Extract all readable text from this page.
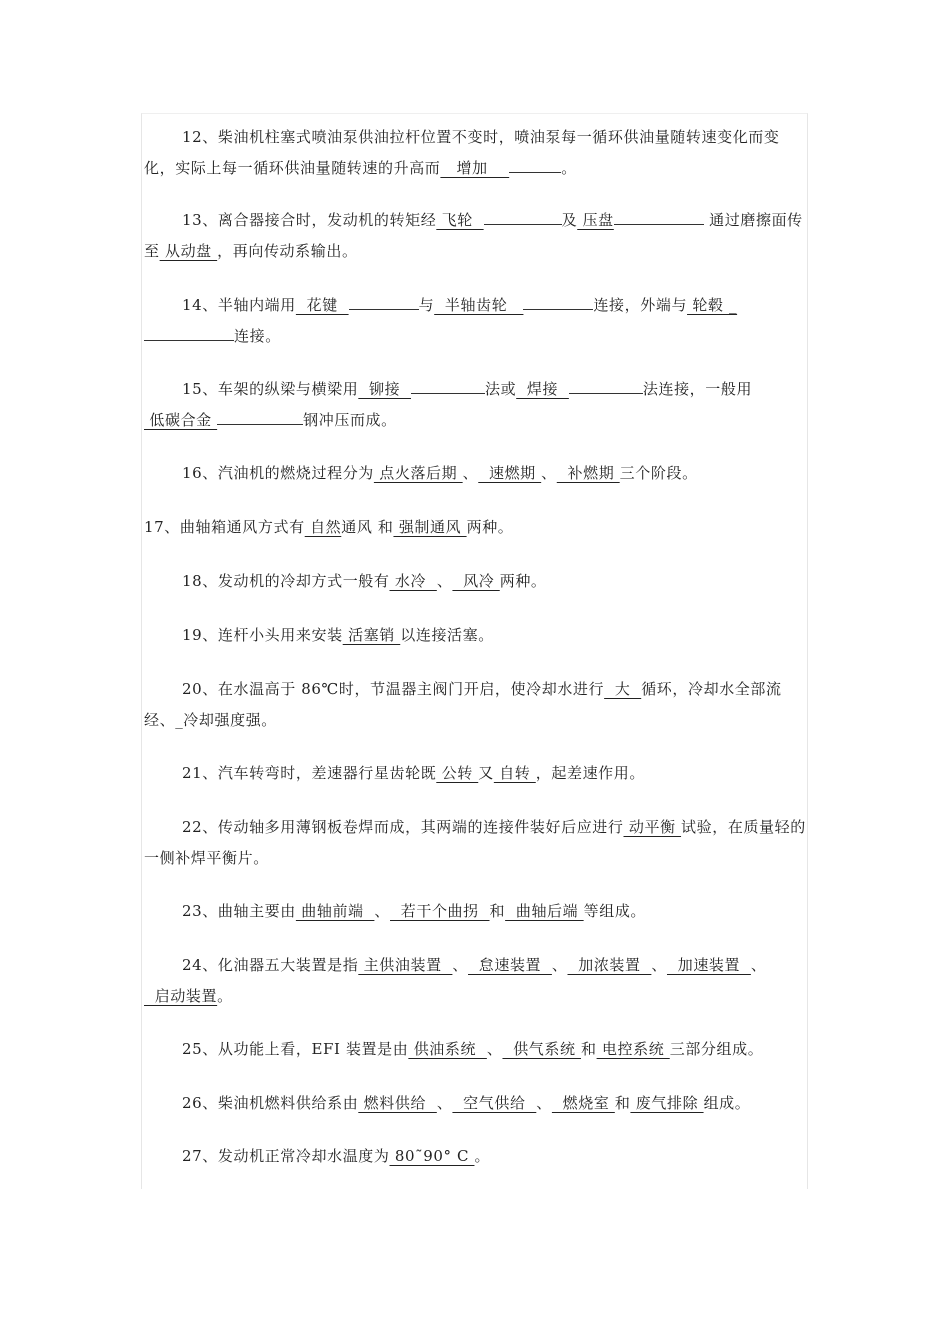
12、柴油机柱塞式喷油泵供油拉杆位置不变时，喷油泵每一循环供油量随转速变化而变化，实际上每一循环供油量随转速的升高而   增加	。

13、离合器接合时，发动机的转矩经 飞轮	及 压盘	通过磨擦面传至 从动盘 ，再向传动系输出。

14、半轴内端用  花键	与  半轴齿轮	连接，外端与 轮毂 _连接。

15、车架的纵梁与横梁用  铆接	法或  焊接	法连接，一般用 低碳合金	钢冲压而成。

16、汽油机的燃烧过程分为 点火落后期 、  速燃期 、  补燃期 三个阶段。

17、曲轴箱通风方式有 自然通风 和 强制通风 两种。

18、发动机的冷却方式一般有 水冷  、  风冷 两种。

19、连杆小头用来安装 活塞销 以连接活塞。

20、在水温高于 86℃时，节温器主阀门开启，使冷却水进行  大  循环，冷却水全部流经、_冷却强度强。

21、汽车转弯时，差速器行星齿轮既 公转 又 自转 ，起差速作用。

22、传动轴多用薄钢板卷焊而成，其两端的连接件装好后应进行 动平衡 试验，在质量轻的一侧补焊平衡片。

23、曲轴主要由 曲轴前端  、  若干个曲拐  和  曲轴后端 等组成。

24、化油器五大装置是指 主供油装置  、  怠速装置  、  加浓装置  、  加速装置  、  启动装置。

25、从功能上看，EFI 装置是由 供油系统  、  供气系统 和 电控系统 三部分组成。

26、柴油机燃料供给系由 燃料供给  、  空气供给  、  燃烧室 和 废气排除 组成。

27、发动机正常冷却水温度为 80˜90° C 。
